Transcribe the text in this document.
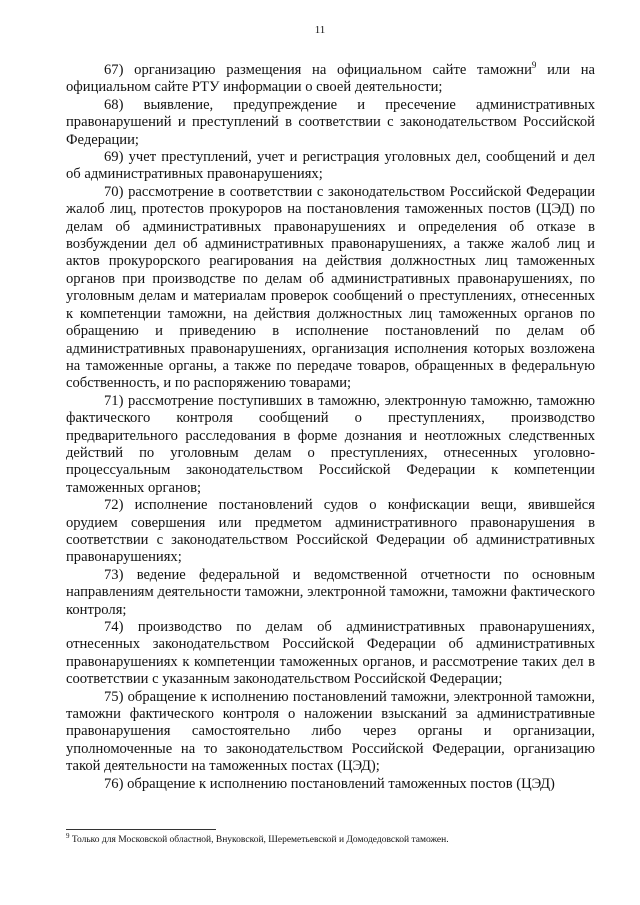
11

67) организацию размещения на официальном сайте таможни$^9$ или на официальном сайте РТУ информации о своей деятельности;

68) выявление, предупреждение и пресечение административных правонарушений и преступлений в соответствии с законодательством Российской Федерации;

69) учет преступлений, учет и регистрация уголовных дел, сообщений и дел об административных правонарушениях;

70) рассмотрение в соответствии с законодательством Российской Федерации жалоб лиц, протестов прокуроров на постановления таможенных постов (ЦЭД) по делам об административных правонарушениях и определения об отказе в возбуждении дел об административных правонарушениях, а также жалоб лиц и актов прокурорского реагирования на действия должностных лиц таможенных органов при производстве по делам об административных правонарушениях, по уголовным делам и материалам проверок сообщений о преступлениях, отнесенных к компетенции таможни, на действия должностных лиц таможенных органов по обращению и приведению в исполнение постановлений по делам об административных правонарушениях, организация исполнения которых возложена на таможенные органы, а также по передаче товаров, обращенных в федеральную собственность, и по распоряжению товарами;

71) рассмотрение поступивших в таможню, электронную таможню, таможню фактического контроля сообщений о преступлениях, производство предварительного расследования в форме дознания и неотложных следственных действий по уголовным делам о преступлениях, отнесенных уголовно-процессуальным законодательством Российской Федерации к компетенции таможенных органов;

72) исполнение постановлений судов о конфискации вещи, явившейся орудием совершения или предметом административного правонарушения в соответствии с законодательством Российской Федерации об административных правонарушениях;

73) ведение федеральной и ведомственной отчетности по основным направлениям деятельности таможни, электронной таможни, таможни фактического контроля;

74) производство по делам об административных правонарушениях, отнесенных законодательством Российской Федерации об административных правонарушениях к компетенции таможенных органов, и рассмотрение таких дел в соответствии с указанным законодательством Российской Федерации;

75) обращение к исполнению постановлений таможни, электронной таможни, таможни фактического контроля о наложении взысканий за административные правонарушения самостоятельно либо через органы и организации, уполномоченные на то законодательством Российской Федерации, организацию такой деятельности на таможенных постах (ЦЭД);

76) обращение к исполнению постановлений таможенных постов (ЦЭД)

$^9$ Только для Московской областной, Внуковской, Шереметьевской и Домодедовской таможен.
